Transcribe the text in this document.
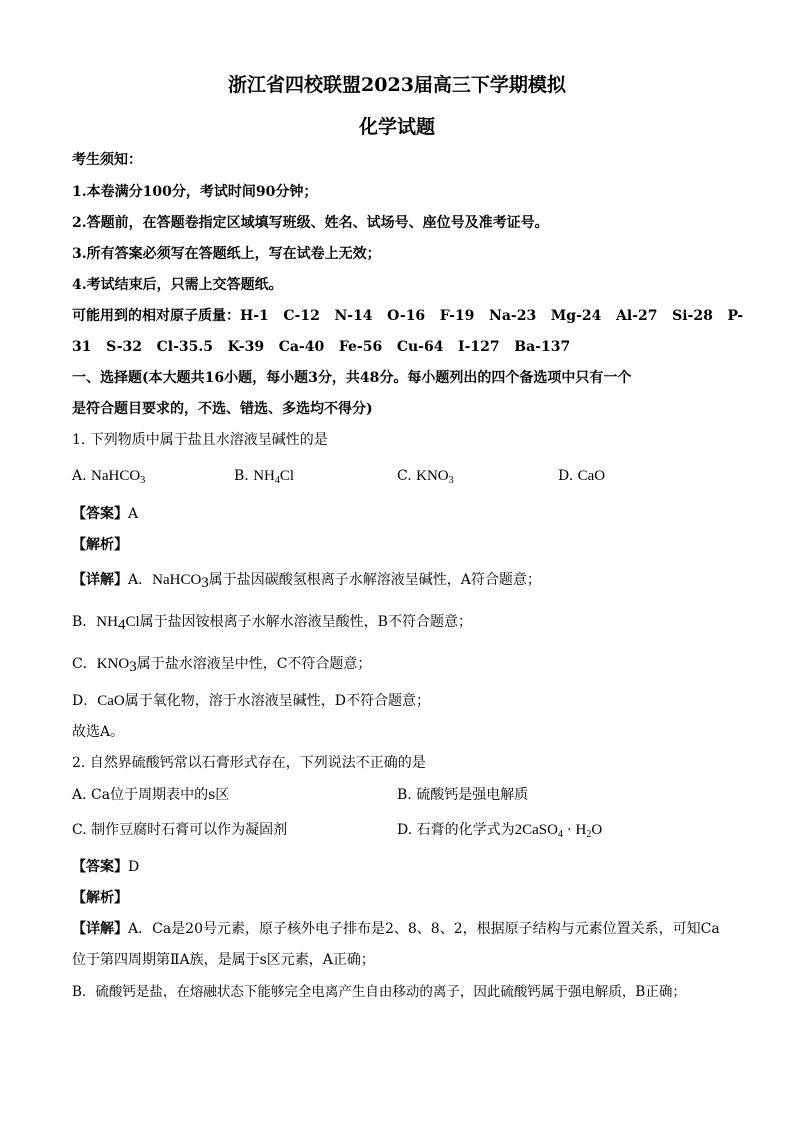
浙江省四校联盟2023届高三下学期模拟
化学试题
考生须知：
1.本卷满分100分，考试时间90分钟；
2.答题前，在答题卷指定区域填写班级、姓名、试场号、座位号及准考证号。
3.所有答案必须写在答题纸上，写在试卷上无效；
4.考试结束后，只需上交答题纸。
可能用到的相对原子质量：H-1   C-12   N-14   O-16   F-19   Na-23   Mg-24   Al-27   Si-28   P-
31   S-32   Cl-35.5   K-39   Ca-40   Fe-56   Cu-64   I-127   Ba-137
一、选择题(本大题共16小题，每小题3分，共48分。每小题列出的四个备选项中只有一个
是符合题目要求的，不选、错选、多选均不得分)
1. 下列物质中属于盐且水溶液呈碱性的是
A. NaHCO$_3$	B. $NH_4Cl$	C. $KNO_3$	D. CaO
【答案】A
【解析】
【详解】A．NaHCO3属于盐因碳酸氢根离子水解溶液呈碱性，A符合题意；
B．NH4Cl属于盐因铵根离子水解水溶液呈酸性，B不符合题意；
C．KNO3属于盐水溶液呈中性，C不符合题意；
D．CaO属于氧化物，溶于水溶液呈碱性，D不符合题意；
故选A。
2. 自然界硫酸钙常以石膏形式存在，下列说法不正确的是
A. Ca位于周期表中的s区	B. 硫酸钙是强电解质
C. 制作豆腐时石膏可以作为凝固剂	D. 石膏的化学式为2CaSO$_4$ · $H_2O$
【答案】D
【解析】
【详解】A．Ca是20号元素，原子核外电子排布是2、8、8、2，根据原子结构与元素位置关系，可知Ca
位于第四周期第ⅡA族，是属于s区元素，A正确；
B．硫酸钙是盐，在熔融状态下能够完全电离产生自由移动的离子，因此硫酸钙属于强电解质，B正确；
